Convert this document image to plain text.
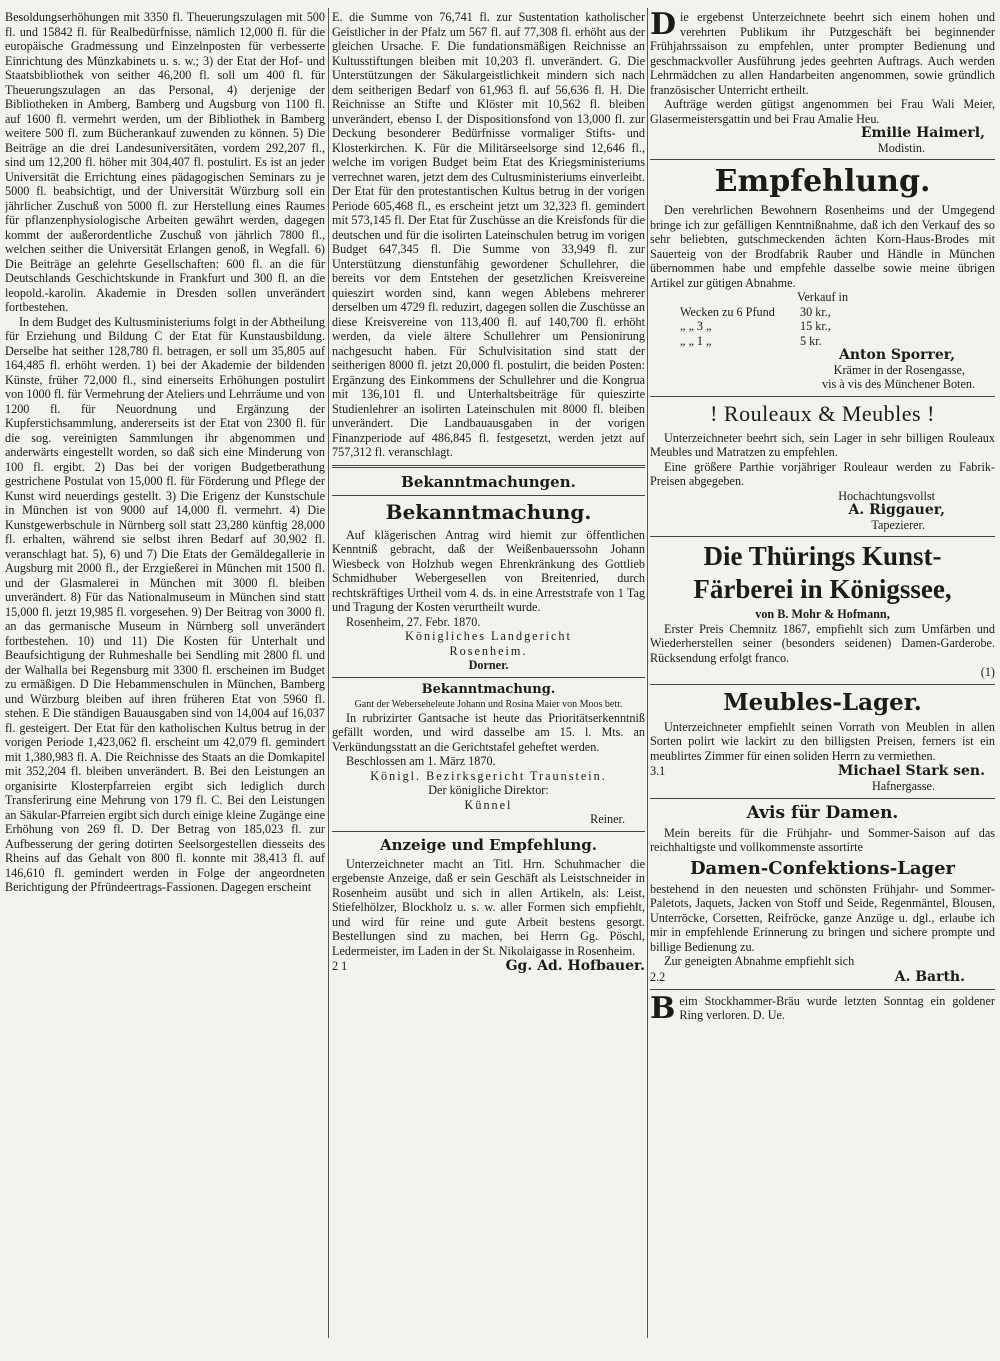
Besoldungserhöhungen mit 3350 fl. Theuerungszulagen mit 500 fl. und 15842 fl. für Realbedürfnisse, nämlich 12,000 fl. für die europäische Gradmessung und Einzelnposten für verbesserte Einrichtung des Münzkabinets u. s. w.; 3) der Etat der Hof- und Staatsbibliothek von seither 46,200 fl. soll um 400 fl. für Theuerungszulagen an das Personal, 4) derjenige der Bibliotheken in Amberg, Bamberg und Augsburg von 1100 fl. auf 1600 fl. vermehrt werden, um der Bibliothek in Bamberg weitere 500 fl. zum Bücherankauf zuwenden zu können. 5) Die Beiträge an die drei Landesuniversitäten, vordem 292,207 fl., sind um 12,200 fl. höher mit 304,407 fl. postulirt. Es ist an jeder Universität die Errichtung eines pädagogischen Seminars zu je 5000 fl. beabsichtigt, und der Universität Würzburg soll ein jährlicher Zuschuß von 5000 fl. zur Herstellung eines Raumes für pflanzenphysiologische Arbeiten gewährt werden, dagegen kommt der außerordentliche Zuschuß von jährlich 7800 fl., welchen seither die Universität Erlangen genoß, in Wegfall. 6) Die Beiträge an gelehrte Gesellschaften: 600 fl. an die für Deutschlands Geschichtskunde in Frankfurt und 300 fl. an die leopold.-karolin. Akademie in Dresden sollen unverändert fortbestehen.

In dem Budget des Kultusministeriums folgt in der Abtheilung für Erziehung und Bildung C der Etat für Kunstausbildung. Derselbe hat seither 128,780 fl. betragen, er soll um 35,805 auf 164,485 fl. erhöht werden. 1) bei der Akademie der bildenden Künste, früher 72,000 fl., sind einerseits Erhöhungen postulirt von 1000 fl. für Vermehrung der Ateliers und Lehrräume und von 1200 fl. für Neuordnung und Ergänzung der Kupferstichsammlung, andererseits ist der Etat von 2300 fl. für die sog. vereinigten Sammlungen ihr abgenommen und anderwärts eingestellt worden, so daß sich eine Minderung von 100 fl. ergibt. 2) Das bei der vorigen Budgetberathung gestrichene Postulat von 15,000 fl. für Förderung und Pflege der Kunst wird neuerdings gestellt. 3) Die Erigenz der Kunstschule in München ist von 9000 auf 14,000 fl. vermehrt. 4) Die Kunstgewerbschule in Nürnberg soll statt 23,280 künftig 28,000 fl. erhalten, während sie selbst ihren Bedarf auf 30,902 fl. veranschlagt hat. 5), 6) und 7) Die Etats der Gemäldegallerie in Augsburg mit 2000 fl., der Erzgießerei in München mit 1500 fl. und der Glasmalerei in München mit 3000 fl. bleiben unverändert. 8) Für das Nationalmuseum in München sind statt 15,000 fl. jetzt 19,985 fl. vorgesehen. 9) Der Beitrag von 3000 fl. an das germanische Museum in Nürnberg soll unverändert fortbestehen. 10) und 11) Die Kosten für Unterhalt und Beaufsichtigung der Ruhmeshalle bei Sendling mit 2800 fl. und der Walhalla bei Regensburg mit 3300 fl. erscheinen im Budget zu ermäßigen. D Die Hebammenschulen in München, Bamberg und Würzburg bleiben auf ihren früheren Etat von 5960 fl. stehen. E Die ständigen Bauausgaben sind von 14,004 auf 16,037 fl. gesteigert. Der Etat für den katholischen Kultus betrug in der vorigen Periode 1,423,062 fl. erscheint um 42,079 fl. gemindert mit 1,380,983 fl. A. Die Reichnisse des Staats an die Domkapitel mit 352,204 fl. bleiben unverändert. B. Bei den Leistungen an organisirte Klosterpfarreien ergibt sich lediglich durch Transferirung eine Mehrung von 179 fl. C. Bei den Leistungen an Säkular-Pfarreien ergibt sich durch einige kleine Zugänge eine Erhöhung von 269 fl. D. Der Betrag von 185,023 fl. zur Aufbesserung der gering dotirten Seelsorgestellen diesseits des Rheins auf das Gehalt von 800 fl. konnte mit 38,413 fl. auf 146,610 fl. gemindert werden in Folge der angeordneten Berichtigung der Pfründeertrags-Fassionen. Dagegen erscheint

E. die Summe von 76,741 fl. zur Sustentation katholischer Geistlicher in der Pfalz um 567 fl. auf 77,308 fl. erhöht aus der gleichen Ursache. F. Die fundationsmäßigen Reichnisse an Kultusstiftungen bleiben mit 10,203 fl. unverändert. G. Die Unterstützungen der Säkulargeistlichkeit mindern sich nach dem seitherigen Bedarf von 61,963 fl. auf 56,636 fl. H. Die Reichnisse an Stifte und Klöster mit 10,562 fl. bleiben unverändert, ebenso I. der Dispositionsfond von 13,000 fl. zur Deckung besonderer Bedürfnisse vormaliger Stifts- und Klosterkirchen. K. Für die Militärseelsorge sind 12,646 fl., welche im vorigen Budget beim Etat des Kriegsministeriums verrechnet waren, jetzt dem des Cultusministeriums einverleibt. Der Etat für den protestantischen Kultus betrug in der vorigen Periode 605,468 fl., es erscheint jetzt um 32,323 fl. gemindert mit 573,145 fl. Der Etat für Zuschüsse an die Kreisfonds für die deutschen und für die isolirten Lateinschulen betrug im vorigen Budget 647,345 fl. Die Summe von 33,949 fl. zur Unterstützung dienstunfähig gewordener Schullehrer, die bereits vor dem Entstehen der gesetzlichen Kreisvereine quieszirt worden sind, kann wegen Ablebens mehrerer derselben um 4729 fl. reduzirt, dagegen sollen die Zuschüsse an diese Kreisvereine von 113,400 fl. auf 140,700 fl. erhöht werden, da viele ältere Schullehrer um Pensionirung nachgesucht haben. Für Schulvisitation sind statt der seitherigen 8000 fl. jetzt 20,000 fl. postulirt, die beiden Posten: Ergänzung des Einkommens der Schullehrer und die Kongrua mit 136,101 fl. und Unterhaltsbeiträge für quieszirte Studienlehrer an isolirten Lateinschulen mit 8000 fl. bleiben unverändert. Die Landbauausgaben in der vorigen Finanzperiode auf 486,845 fl. festgesetzt, werden jetzt auf 757,312 fl. veranschlagt.

Bekanntmachungen.
Bekanntmachung.

Auf klägerischen Antrag wird hiemit zur öffentlichen Kenntniß gebracht, daß der Weißenbauerssohn Johann Wiesbeck von Holzhub wegen Ehrenkränkung des Gottlieb Schmidhuber Webergesellen von Breitenried, durch rechtskräftiges Urtheil vom 4. ds. in eine Arreststrafe von 1 Tag und Tragung der Kosten verurtheilt wurde.

Rosenheim, 27. Febr. 1870.

Königliches Landgericht

Rosenheim.

Dorner.

Bekanntmachung.

Gant der Weberseheleute Johann und Rosina Maier von Moos betr.

In rubrizirter Gantsache ist heute das Prioritätserkenntniß gefällt worden, und wird dasselbe am 15. l. Mts. an Verkündungsstatt an die Gerichtstafel geheftet werden.

Beschlossen am 1. März 1870.

Königl. Bezirksgericht Traunstein.

Der königliche Direktor:

Künnel

Reiner.

Anzeige und Empfehlung.

Unterzeichneter macht an Titl. Hrn. Schuhmacher die ergebenste Anzeige, daß er sein Geschäft als Leistschneider in Rosenheim ausübt und sich in allen Artikeln, als: Leist, Stiefelhölzer, Blockholz u. s. w. aller Formen sich empfiehlt, und wird für reine und gute Arbeit bestens gesorgt. Bestellungen sind zu machen, bei Herrn Gg. Pöschl, Ledermeister, im Laden in der St. Nikolaigasse in Rosenheim.

2 1	Gg. Ad. Hofbauer.

Die ergebenst Unterzeichnete beehrt sich einem hohen und verehrten Publikum ihr Putzgeschäft bei beginnender Frühjahrssaison zu empfehlen, unter prompter Bedienung und geschmackvoller Ausführung jedes geehrten Auftrags. Auch werden Lehrmädchen zu allen Handarbeiten angenommen, sowie gründlich französischer Unterricht ertheilt.

Aufträge werden gütigst angenommen bei Frau Wali Meier, Glasermeistersgattin und bei Frau Amalie Heu.

Emilie Haimerl,

Modistin.

Empfehlung.

Den verehrlichen Bewohnern Rosenheims und der Umgegend bringe ich zur gefälligen Kenntnißnahme, daß ich den Verkauf des so sehr beliebten, gutschmeckenden ächten Korn-Haus-Brodes mit Sauerteig von der Brodfabrik Rauber und Händle in München übernommen habe und empfehle dasselbe sowie meine übrigen Artikel zur gütigen Abnahme.

Verkauf in

Wecken zu 6 Pfund	30 kr.,
„ „ 3 „	15 kr.,
„ „ 1 „	5 kr.

Anton Sporrer,

Krämer in der Rosengasse,

vis à vis des Münchener Boten.

! Rouleaux & Meubles !

Unterzeichneter beehrt sich, sein Lager in sehr billigen Rouleaux Meubles und Matratzen zu empfehlen.

Eine größere Parthie vorjähriger Rouleaur werden zu Fabrik-Preisen abgegeben.

Hochachtungsvollst

A. Riggauer,

Tapezierer.

Die Thürings Kunst-
Färberei in Königssee,

von B. Mohr & Hofmann,

Erster Preis Chemnitz 1867, empfiehlt sich zum Umfärben und Wiederherstellen seiner (besonders seidenen) Damen-Garderobe. Rücksendung erfolgt franco.

(1)

Meubles-Lager.

Unterzeichneter empfiehlt seinen Vorrath von Meublen in allen Sorten polirt wie lackirt zu den billigsten Preisen, ferners ist ein meublirtes Zimmer für einen soliden Herrn zu vermiethen.

3.1	Michael Stark sen.

Hafnergasse.

Avis für Damen.

Mein bereits für die Frühjahr- und Sommer-Saison auf das reichhaltigste und vollkommenste assortirte

Damen-Confektions-Lager

bestehend in den neuesten und schönsten Frühjahr- und Sommer-Paletots, Jaquets, Jacken von Stoff und Seide, Regenmäntel, Blousen, Unterröcke, Corsetten, Reifröcke, ganze Anzüge u. dgl., erlaube ich mir in empfehlende Erinnerung zu bringen und sichere prompte und billige Bedienung zu.

Zur geneigten Abnahme empfiehlt sich

2.2	A. Barth.

Beim Stockhammer-Bräu wurde letzten Sonntag ein goldener Ring verloren. D. Ue.
